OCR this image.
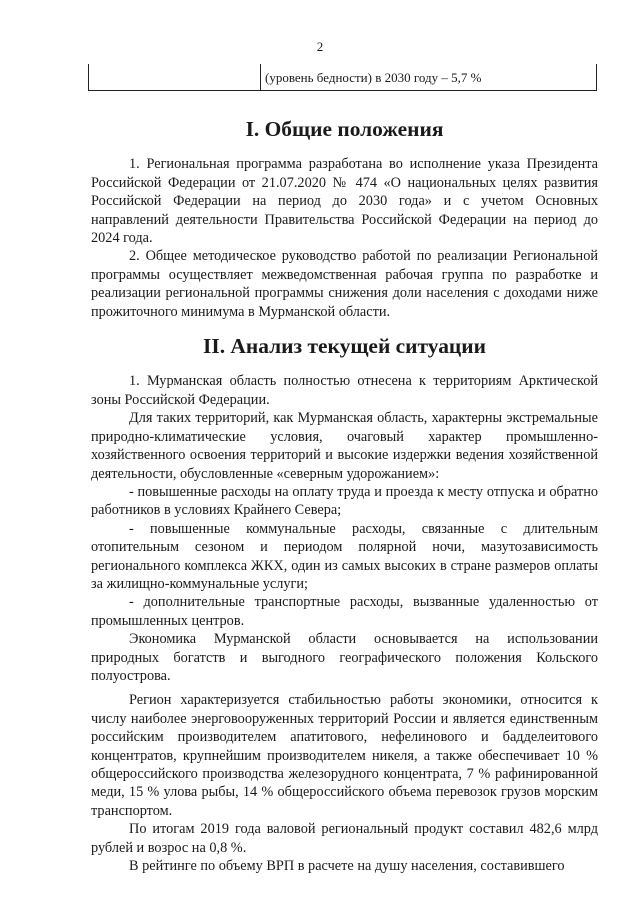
2
(уровень бедности) в 2030 году – 5,7 %
I. Общие положения

1. Региональная программа разработана во исполнение указа Президента Российской Федерации от 21.07.2020 № 474 «О национальных целях развития Российской Федерации на период до 2030 года» и с учетом Основных направлений деятельности Правительства Российской Федерации на период до 2024 года.

2. Общее методическое руководство работой по реализации Региональной программы осуществляет межведомственная рабочая группа по разработке и реализации региональной программы снижения доли населения с доходами ниже прожиточного минимума в Мурманской области.

II. Анализ текущей ситуации

1. Мурманская область полностью отнесена к территориям Арктической зоны Российской Федерации.

Для таких территорий, как Мурманская область, характерны экстремальные природно-климатические условия, очаговый характер промышленно-хозяйственного освоения территорий и высокие издержки ведения хозяйственной деятельности, обусловленные «северным удорожанием»:

- повышенные расходы на оплату труда и проезда к месту отпуска и обратно работников в условиях Крайнего Севера;

- повышенные коммунальные расходы, связанные с длительным отопительным сезоном и периодом полярной ночи, мазутозависимость регионального комплекса ЖКХ, один из самых высоких в стране размеров оплаты за жилищно-коммунальные услуги;

- дополнительные транспортные расходы, вызванные удаленностью от промышленных центров.

Экономика Мурманской области основывается на использовании природных богатств и выгодного географического положения Кольского полуострова.

Регион характеризуется стабильностью работы экономики, относится к числу наиболее энерговооруженных территорий России и является единственным российским производителем апатитового, нефелинового и бадделеитового концентратов, крупнейшим производителем никеля, а также обеспечивает 10 % общероссийского производства железорудного концентрата, 7 % рафинированной меди, 15 % улова рыбы, 14 % общероссийского объема перевозок грузов морским транспортом.

По итогам 2019 года валовой региональный продукт составил 482,6 млрд рублей и возрос на 0,8 %.

В рейтинге по объему ВРП в расчете на душу населения, составившего
